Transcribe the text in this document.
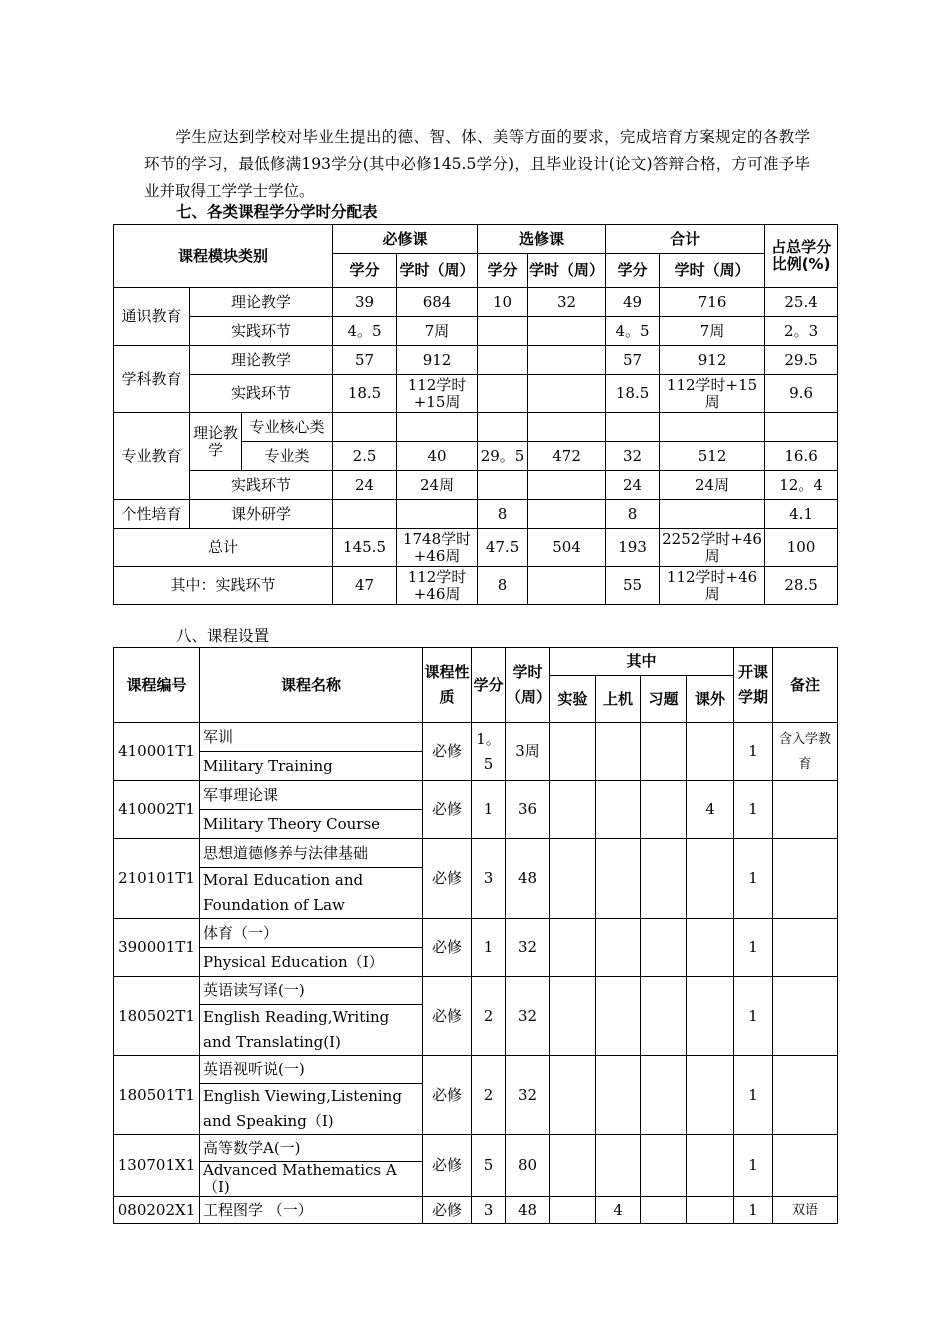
学生应达到学校对毕业生提出的德、智、体、美等方面的要求，完成培育方案规定的各教学环节的学习，最低修满193学分(其中必修145.5学分)，且毕业设计(论文)答辩合格，方可准予毕业并取得工学学士学位。
七、各类课程学分学时分配表
课程模块类别			必修课		选修课		合计		占总学分比例(%)
			学分	学时（周）	学分	学时（周）	学分	学时（周）	
通识教育	理论教学		39	684	10	32	49	716	25.4
	实践环节		4。5	7周			4。5	7周	2。3
学科教育	理论教学		57	912			57	912	29.5
	实践环节		18.5	112学时+15周			18.5	112学时+15周	9.6
专业教育	理论教学	专业核心类							
		专业类	2.5	40	29。5	472	32	512	16.6
	实践环节		24	24周			24	24周	12。4
个性培育	课外研学				8		8		4.1
总计			145.5	1748学时+46周	47.5	504	193	2252学时+46周	100
其中：实践环节			47	112学时+46周	8		55	112学时+46周	28.5
八、课程设置
课程编号	课程名称	课程性质	学分	学时（周）	其中				开课学期	备注
					实验	上机	习题	课外		
410001T1	军训	必修	1。5	3周					1	含入学教育
	Military Training									
410002T1	军事理论课	必修	1	36				4	1	
	Military Theory Course									
210101T1	思想道德修养与法律基础	必修	3	48					1	
	Moral Education and Foundation of Law									
390001T1	体育（一）	必修	1	32					1	
	Physical Education（Ⅰ）									
180502T1	英语读写译(一)	必修	2	32					1	
	English Reading,Writing and Translating(Ⅰ)									
180501T1	英语视听说(一)	必修	2	32					1	
	English Viewing,Listening and Speaking（Ⅰ)									
130701X1	高等数学A(一)	必修	5	80					1	
	Advanced Mathematics A（Ⅰ)									
080202X1	工程图学 （一）	必修	3	48		4			1	双语
